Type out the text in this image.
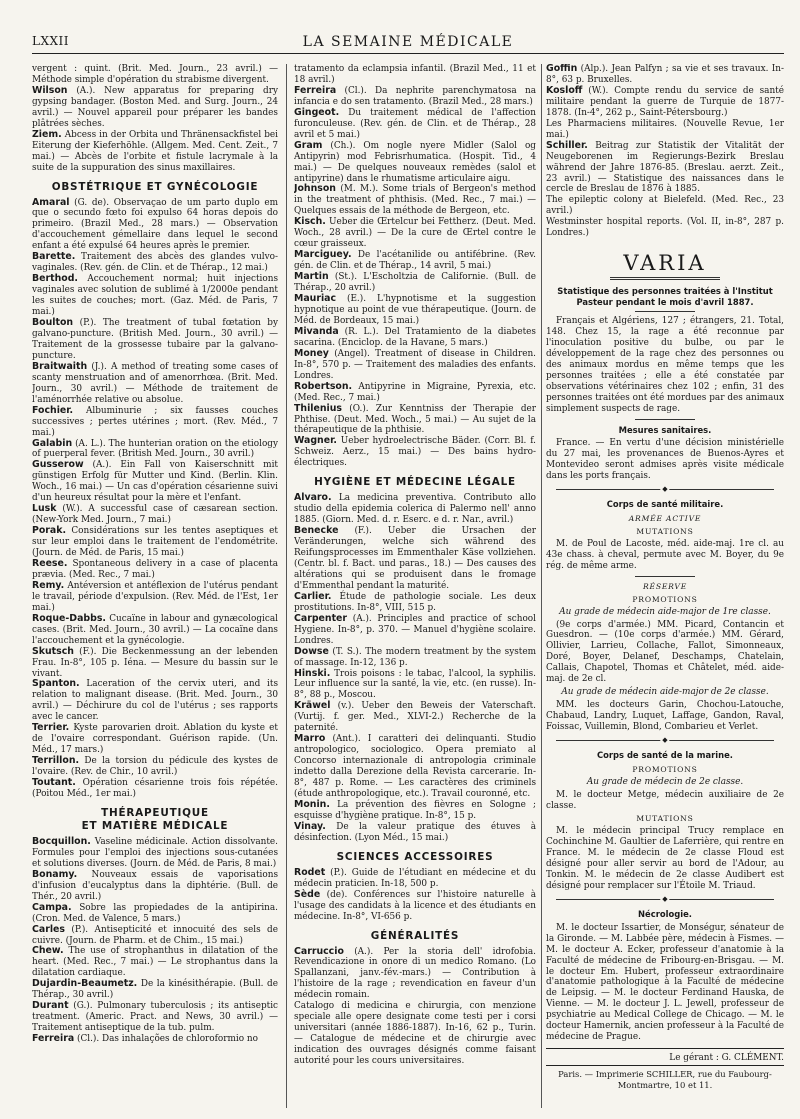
LXXII	LA SEMAINE MÉDICALE

vergent : quint. (Brit. Med. Journ., 23 avril.) — Méthode simple d'opération du strabisme divergent.

Wilson (A.). New apparatus for preparing dry gypsing bandager. (Boston Med. and Surg. Journ., 24 avril.) — Nouvel appareil pour préparer les bandes plâtrées sèches.

Ziem. Abcess in der Orbita und Thränensackfistel bei Eiterung der Kieferhöhle. (Allgem. Med. Cent. Zeit., 7 mai.) — Abcès de l'orbite et fistule lacrymale à la suite de la suppuration des sinus maxillaires.

OBSTÉTRIQUE ET GYNÉCOLOGIE

Amaral (G. de). Observaçao de um parto duplo em que o secundo fœto foi expulso 64 horas depois do primeiro. (Brazil Med., 28 mars.) — Observation d'accouchement gémellaire dans lequel le second enfant a été expulsé 64 heures après le premier.

Barette. Traitement des abcès des glandes vulvo-vaginales. (Rev. gén. de Clin. et de Thérap., 12 mai.)

Berthod. Accouchement normal; huit injections vaginales avec solution de sublimé à 1/2000e pendant les suites de couches; mort. (Gaz. Méd. de Paris, 7 mai.)

Boulton (P.). The treatment of tubal fœtation by galvano-puncture. (British Med. Journ., 30 avril.) — Traitement de la grossesse tubaire par la galvano-puncture.

Braitwaith (J.). A method of treating some cases of scanty menstruation and of amenorrhœa. (Brit. Med. Journ., 30 avril.) — Méthode de traitement de l'aménorrhée relative ou absolue.

Fochier. Albuminurie ; six fausses couches successives ; pertes utérines ; mort. (Rev. Méd., 7 mai.)

Galabin (A. L.). The hunterian oration on the etiology of puerperal fever. (British Med. Journ., 30 avril.)

Gusserow (A.). Ein Fall von Kaiserschnitt mit günstigen Erfolg für Mutter und Kind. (Berlin. Klin. Woch., 16 mai.) — Un cas d'opération césarienne suivi d'un heureux résultat pour la mère et l'enfant.

Lusk (W.). A successful case of cæsarean section. (New-York Med. Journ., 7 mai.)

Porak. Considérations sur les tentes aseptiques et sur leur emploi dans le traitement de l'endométrite. (Journ. de Méd. de Paris, 15 mai.)

Reese. Spontaneous delivery in a case of placenta prævia. (Med. Rec., 7 mai.)

Remy. Antéversion et antéflexion de l'utérus pendant le travail, période d'expulsion. (Rev. Méd. de l'Est, 1er mai.)

Roque-Dabbs. Cucaïne in labour and gynæcological cases. (Brit. Med. Journ., 30 avril.) — La cocaïne dans l'accouchement et la gynécologie.

Skutsch (F.). Die Beckenmessung an der lebenden Frau. In-8°, 105 p. Iéna. — Mesure du bassin sur le vivant.

Spanton. Laceration of the cervix uteri, and its relation to malignant disease. (Brit. Med. Journ., 30 avril.) — Déchirure du col de l'utérus ; ses rapports avec le cancer.

Terrier. Kyste parovarien droit. Ablation du kyste et de l'ovaire correspondant. Guérison rapide. (Un. Méd., 17 mars.)

Terrillon. De la torsion du pédicule des kystes de l'ovaire. (Rev. de Chir., 10 avril.)

Toutant. Opération césarienne trois fois répétée. (Poitou Méd., 1er mai.)

THÉRAPEUTIQUE
ET MATIÈRE MÉDICALE

Bocquillon. Vaseline médicinale. Action dissolvante. Formules pour l'emploi des injections sous-cutanées et solutions diverses. (Journ. de Méd. de Paris, 8 mai.)

Bonamy. Nouveaux essais de vaporisations d'infusion d'eucalyptus dans la diphtérie. (Bull. de Thér., 20 avril.)

Campa. Sobre las propiedades de la antipirina. (Cron. Med. de Valence, 5 mars.)

Carles (P.). Antisepticité et innocuité des sels de cuivre. (Journ. de Pharm. et de Chim., 15 mai.)

Chew. The use of strophanthus in dilatation of the heart. (Med. Rec., 7 mai.) — Le strophantus dans la dilatation cardiaque.

Dujardin-Beaumetz. De la kinésithérapie. (Bull. de Thérap., 30 avril.)

Durant (G.). Pulmonary tuberculosis ; its antiseptic treatment. (Americ. Pract. and News, 30 avril.) — Traitement antiseptique de la tub. pulm.

Ferreira (Cl.). Das inhalações de chloroformio no

tratamento da eclampsia infantil. (Brazil Med., 11 et 18 avril.)

Ferreira (Cl.). Da nephrite parenchymatosa na infancia e do sen tratamento. (Brazil Med., 28 mars.)

Gingeot. Du traitement médical de l'affection furonculeuse. (Rev. gén. de Clin. et de Thérap., 28 avril et 5 mai.)

Gram (Ch.). Om nogle nyere Midler (Salol og Antipyrin) mod Febrisrhumatica. (Hospit. Tid., 4 mai.) — De quelques nouveaux remèdes (salol et antipyrine) dans le rhumatisme articulaire aigu.

Johnson (M. M.). Some trials of Bergeon's method in the treatment of phthisis. (Med. Rec., 7 mai.) — Quelques essais de la méthode de Bergeon, etc.

Kisch. Ueber die Œrtelcur bei Fettherz. (Deut. Med. Woch., 28 avril.) — De la cure de Œrtel contre le cœur graisseux.

Marciguey. De l'acétanilide ou antifébrine. (Rev. gén. de Clin. et de Thérap., 14 avril, 5 mai.)

Martin (St.). L'Escholtzia de Californie. (Bull. de Thérap., 20 avril.)

Mauriac (E.). L'hypnotisme et la suggestion hypnotique au point de vue thérapeutique. (Journ. de Méd. de Bordeaux, 15 mai.)

Mivanda (R. L.). Del Tratamiento de la diabetes sacarina. (Enciclop. de la Havane, 5 mars.)

Money (Angel). Treatment of disease in Children. In-8°, 570 p. — Traitement des maladies des enfants. Londres.

Robertson. Antipyrine in Migraine, Pyrexia, etc. (Med. Rec., 7 mai.)

Thilenius (O.). Zur Kenntniss der Therapie der Phthise. (Deut. Med. Woch., 5 mai.) — Au sujet de la thérapeutique de la phthisie.

Wagner. Ueber hydroelectrische Bäder. (Corr. Bl. f. Schweiz. Aerz., 15 mai.) — Des bains hydro-électriques.

HYGIÈNE ET MÉDECINE LÉGALE

Alvaro. La medicina preventiva. Contributo allo studio della epidemia colerica di Palermo nell' anno 1885. (Giorn. Med. d. r. Eserc. e d. r. Nar., avril.)

Benecke (F.). Ueber die Ursachen der Veränderungen, welche sich während des Reifungsprocesses im Emmenthaler Käse vollziehen. (Centr. bl. f. Bact. und paras., 18.) — Des causes des altérations qui se produisent dans le fromage d'Emmenthal pendant la maturité.

Carlier. Étude de pathologie sociale. Les deux prostitutions. In-8°, VIII, 515 p.

Carpenter (A.). Principles and practice of school Hygiene. In-8°, p. 370. — Manuel d'hygiène scolaire. Londres.

Dowse (T. S.). The modern treatment by the system of massage. In-12, 136 p.

Hinski. Trois poisons : le tabac, l'alcool, la syphilis. Leur influence sur la santé, la vie, etc. (en russe). In-8°, 88 p., Moscou.

Kräwel (v.). Ueber den Beweis der Vaterschaft. (Vurtij. f. ger. Med., XLVI-2.) Recherche de la paternité.

Marro (Ant.). I caratteri dei delinquanti. Studio antropologico, sociologico. Opera premiato al Concorso internazionale di antropologia criminale indetto dalla Derezione della Revista carcerarie. In-8°, 487 p. Rome. — Les caractères des criminels (étude anthropologique, etc.). Travail couronné, etc.

Monin. La prévention des fièvres en Sologne ; esquisse d'hygiène pratique. In-8°, 15 p.

Vinay. De la valeur pratique des étuves à désinfection. (Lyon Méd., 15 mai.)

SCIENCES ACCESSOIRES

Rodet (P.). Guide de l'étudiant en médecine et du médecin praticien. In-18, 500 p.

Sède (de). Conférences sur l'histoire naturelle à l'usage des candidats à la licence et des étudiants en médecine. In-8°, VI-656 p.

GÉNÉRALITÉS

Carruccio (A.). Per la storia dell' idrofobia. Revendicazione in onore di un medico Romano. (Lo Spallanzani, janv.-fév.-mars.) — Contribution à l'histoire de la rage ; revendication en faveur d'un médecin romain.

Catalogo di medicina e chirurgia, con menzione speciale alle opere designate come testi per i corsi universitari (année 1886-1887). In-16, 62 p., Turin. — Catalogue de médecine et de chirurgie avec indication des ouvrages désignés comme faisant autorité pour les cours universitaires.

Goffin (Alp.). Jean Palfyn ; sa vie et ses travaux. In-8°, 63 p. Bruxelles.

Kosloff (W.). Compte rendu du service de santé militaire pendant la guerre de Turquie de 1877-1878. (In-4°, 262 p., Saint-Pétersbourg.)

Les Pharmaciens militaires. (Nouvelle Revue, 1er mai.)

Schiller. Beitrag zur Statistik der Vitalität der Neugeborenen im Regierungs-Bezirk Breslau während der Jahre 1876-85. (Breslau. aerzt. Zeit., 23 avril.) — Statistique des naissances dans le cercle de Breslau de 1876 à 1885.

The epileptic colony at Bielefeld. (Med. Rec., 23 avril.)

Westminster hospital reports. (Vol. II, in-8°, 287 p. Londres.)

VARIA
Statistique des personnes traitées à l'Institut Pasteur pendant le mois d'avril 1887.

Français et Algériens, 127 ; étrangers, 21. Total, 148. Chez 15, la rage a été reconnue par l'inoculation positive du bulbe, ou par le développement de la rage chez des personnes ou des animaux mordus en même temps que les personnes traitées ; elle a été constatée par observations vétérinaires chez 102 ; enfin, 31 des personnes traitées ont été mordues par des animaux simplement suspects de rage.

Mesures sanitaires.

France. — En vertu d'une décision ministérielle du 27 mai, les provenances de Buenos-Ayres et Montevideo seront admises après visite médicale dans les ports français.

◆
Corps de santé militaire.
ARMÉE ACTIVE
MUTATIONS

M. de Poul de Lacoste, méd. aide-maj. 1re cl. au 43e chass. à cheval, permute avec M. Boyer, du 9e rég. de même arme.

RÉSERVE
PROMOTIONS
Au grade de médecin aide-major de 1re classe.

(9e corps d'armée.) MM. Picard, Contancin et Guesdron. — (10e corps d'armée.) MM. Gérard, Ollivier, Larrieu, Collache, Fallot, Simonneaux, Doré, Boyer, Delanef, Deschamps, Chatelain, Callais, Chapotel, Thomas et Châtelet, méd. aide-maj. de 2e cl.

Au grade de médecin aide-major de 2e classe.

MM. les docteurs Garin, Chochou-Latouche, Chabaud, Landry, Luquet, Laffage, Gandon, Raval, Foissac, Vuillemin, Blond, Combarieu et Verlet.

◆
Corps de santé de la marine.
PROMOTIONS
Au grade de médecin de 2e classe.

M. le docteur Metge, médecin auxiliaire de 2e classe.

MUTATIONS

M. le médecin principal Trucy remplace en Cochinchine M. Gaultier de Laferrière, qui rentre en France. M. le médecin de 2e classe Floud est désigné pour aller servir au bord de l'Adour, au Tonkin. M. le médecin de 2e classe Audibert est désigné pour remplacer sur l'Étoile M. Triaud.

◆
Nécrologie.

M. le docteur Issartier, de Monségur, sénateur de la Gironde. — M. Labbée père, médecin à Fismes. — M. le docteur A. Ecker, professeur d'anatomie à la Faculté de médecine de Fribourg-en-Brisgau. — M. le docteur Em. Hubert, professeur extraordinaire d'anatomie pathologique à la Faculté de médecine de Leipsig. — M. le docteur Ferdinand Hauska, de Vienne. — M. le docteur J. L. Jewell, professeur de psychiatrie au Medical College de Chicago. — M. le docteur Hamernik, ancien professeur à la Faculté de médecine de Prague.

Le gérant : G. CLÉMENT.
Paris. — Imprimerie SCHILLER, rue du Faubourg-Montmartre, 10 et 11.
